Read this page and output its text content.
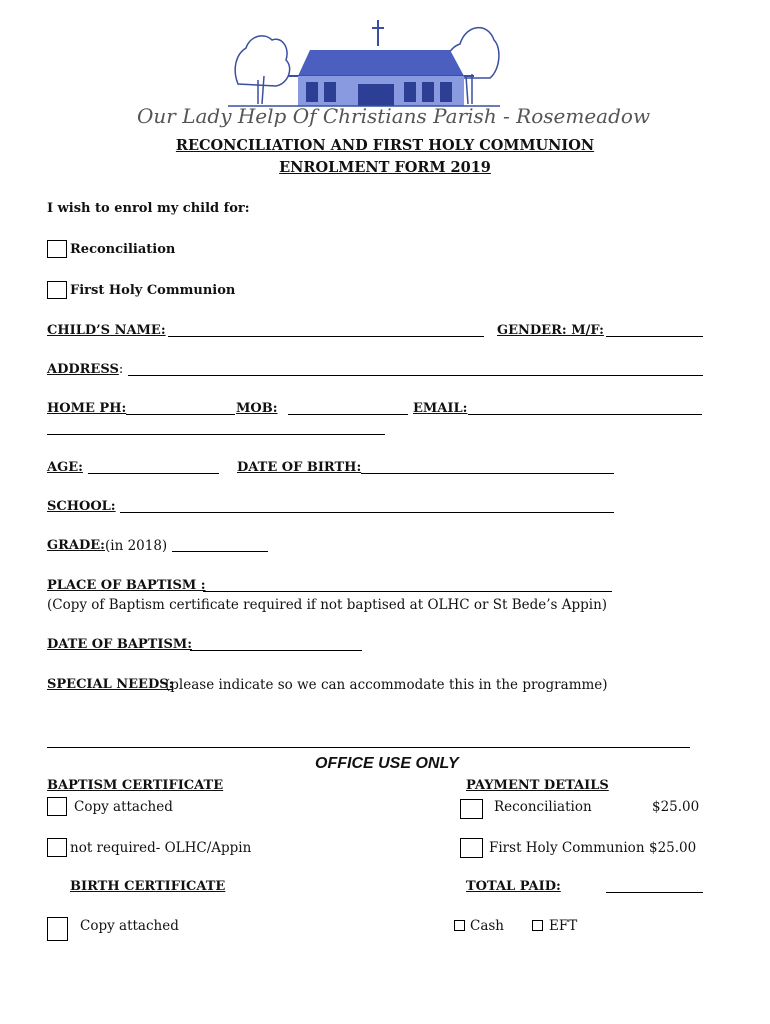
Our Lady Help Of Christians Parish - Rosemeadow
RECONCILIATION AND FIRST HOLY COMMUNION
ENROLMENT FORM 2019
I wish to enrol my child for:
Reconciliation
First Holy Communion
CHILD’S NAME:	GENDER: M/F:
ADDRESS:
HOME PH:	MOB:	EMAIL:
AGE:	DATE OF BIRTH:
SCHOOL:
GRADE: (in 2018)
PLACE OF BAPTISM :
(Copy of Baptism certificate required if not baptised at OLHC or St Bede’s Appin)
DATE OF BAPTISM:
SPECIAL NEEDS:
(please indicate so we can accommodate this in the programme)
OFFICE USE ONLY
BAPTISM CERTIFICATE
Copy attached
not required- OLHC/Appin
BIRTH CERTIFICATE
Copy attached
PAYMENT DETAILS
Reconciliation	$25.00
First Holy Communion $25.00
TOTAL PAID:
Cash	EFT
